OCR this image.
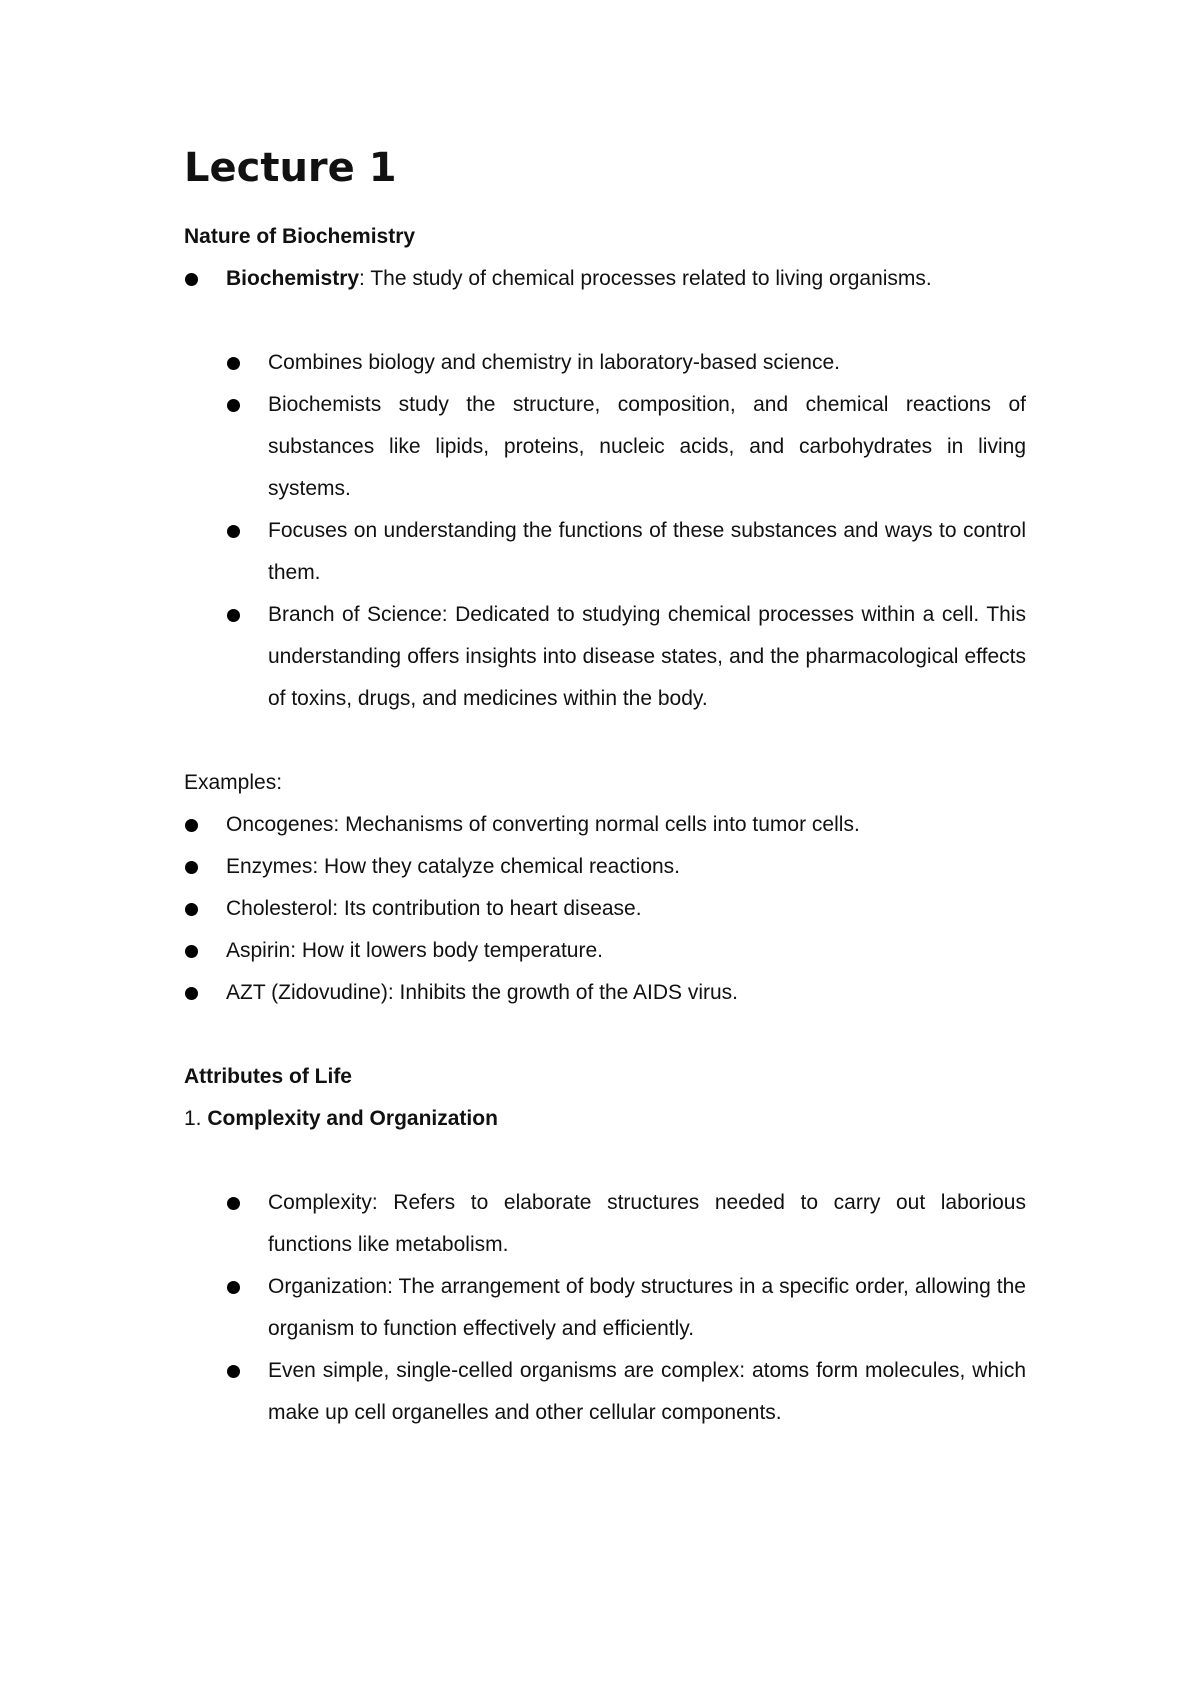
Lecture 1
Nature of Biochemistry
Biochemistry: The study of chemical processes related to living organisms.
Combines biology and chemistry in laboratory-based science.
Biochemists study the structure, composition, and chemical reactions of substances like lipids, proteins, nucleic acids, and carbohydrates in living systems.
Focuses on understanding the functions of these substances and ways to control them.
Branch of Science: Dedicated to studying chemical processes within a cell. This understanding offers insights into disease states, and the pharmacological effects of toxins, drugs, and medicines within the body.
Examples:
Oncogenes: Mechanisms of converting normal cells into tumor cells.
Enzymes: How they catalyze chemical reactions.
Cholesterol: Its contribution to heart disease.
Aspirin: How it lowers body temperature.
AZT (Zidovudine): Inhibits the growth of the AIDS virus.
Attributes of Life
1. Complexity and Organization
Complexity: Refers to elaborate structures needed to carry out laborious functions like metabolism.
Organization: The arrangement of body structures in a specific order, allowing the organism to function effectively and efficiently.
Even simple, single-celled organisms are complex: atoms form molecules, which make up cell organelles and other cellular components.
